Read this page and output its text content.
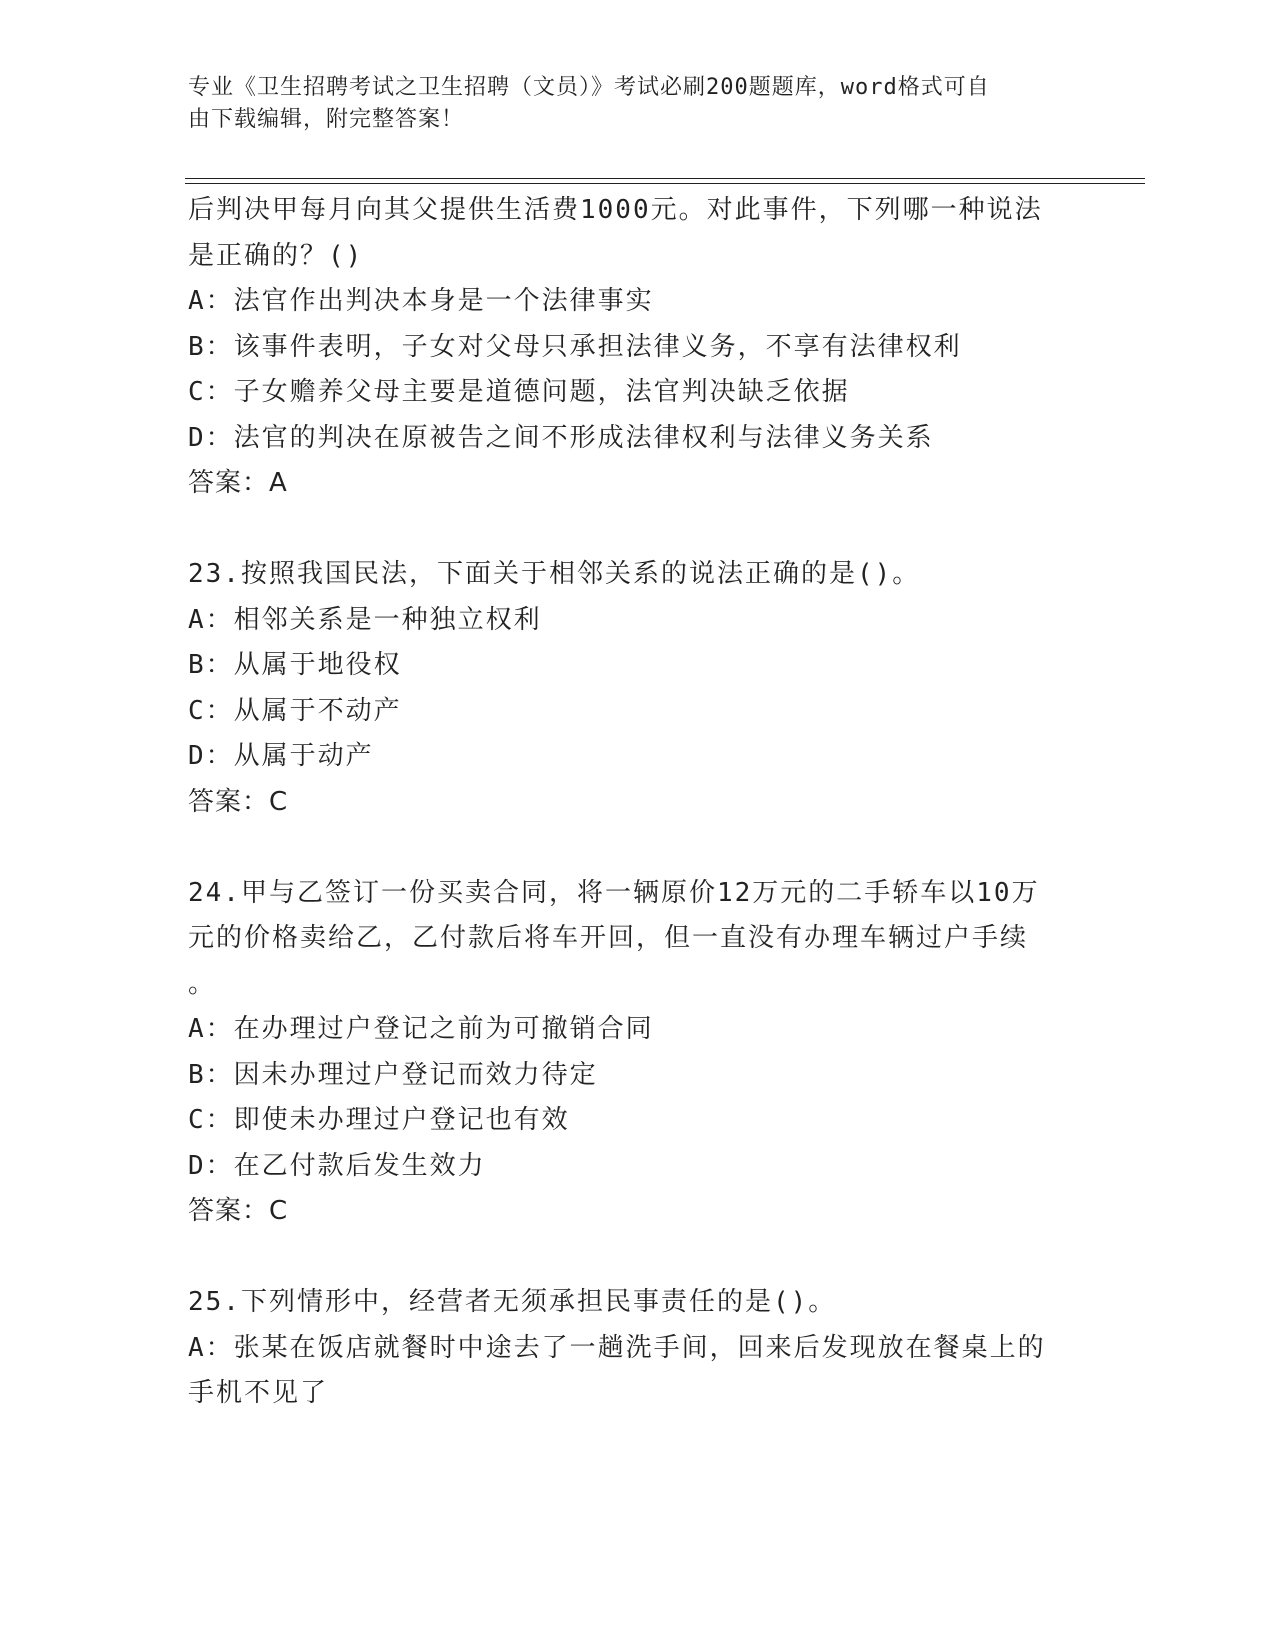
专业《卫生招聘考试之卫生招聘（文员）》考试必刷200题题库，word格式可自
由下载编辑，附完整答案！
后判决甲每月向其父提供生活费1000元。对此事件，下列哪一种说法
是正确的？()
A：法官作出判决本身是一个法律事实
B：该事件表明，子女对父母只承担法律义务，不享有法律权利
C：子女赡养父母主要是道德问题，法官判决缺乏依据
D：法官的判决在原被告之间不形成法律权利与法律义务关系
答案：A
23.按照我国民法，下面关于相邻关系的说法正确的是()。
A：相邻关系是一种独立权利
B：从属于地役权
C：从属于不动产
D：从属于动产
答案：C
24.甲与乙签订一份买卖合同，将一辆原价12万元的二手轿车以10万
元的价格卖给乙，乙付款后将车开回，但一直没有办理车辆过户手续
。
A：在办理过户登记之前为可撤销合同
B：因未办理过户登记而效力待定
C：即使未办理过户登记也有效
D：在乙付款后发生效力
答案：C
25.下列情形中，经营者无须承担民事责任的是()。
A：张某在饭店就餐时中途去了一趟洗手间，回来后发现放在餐桌上的
手机不见了
